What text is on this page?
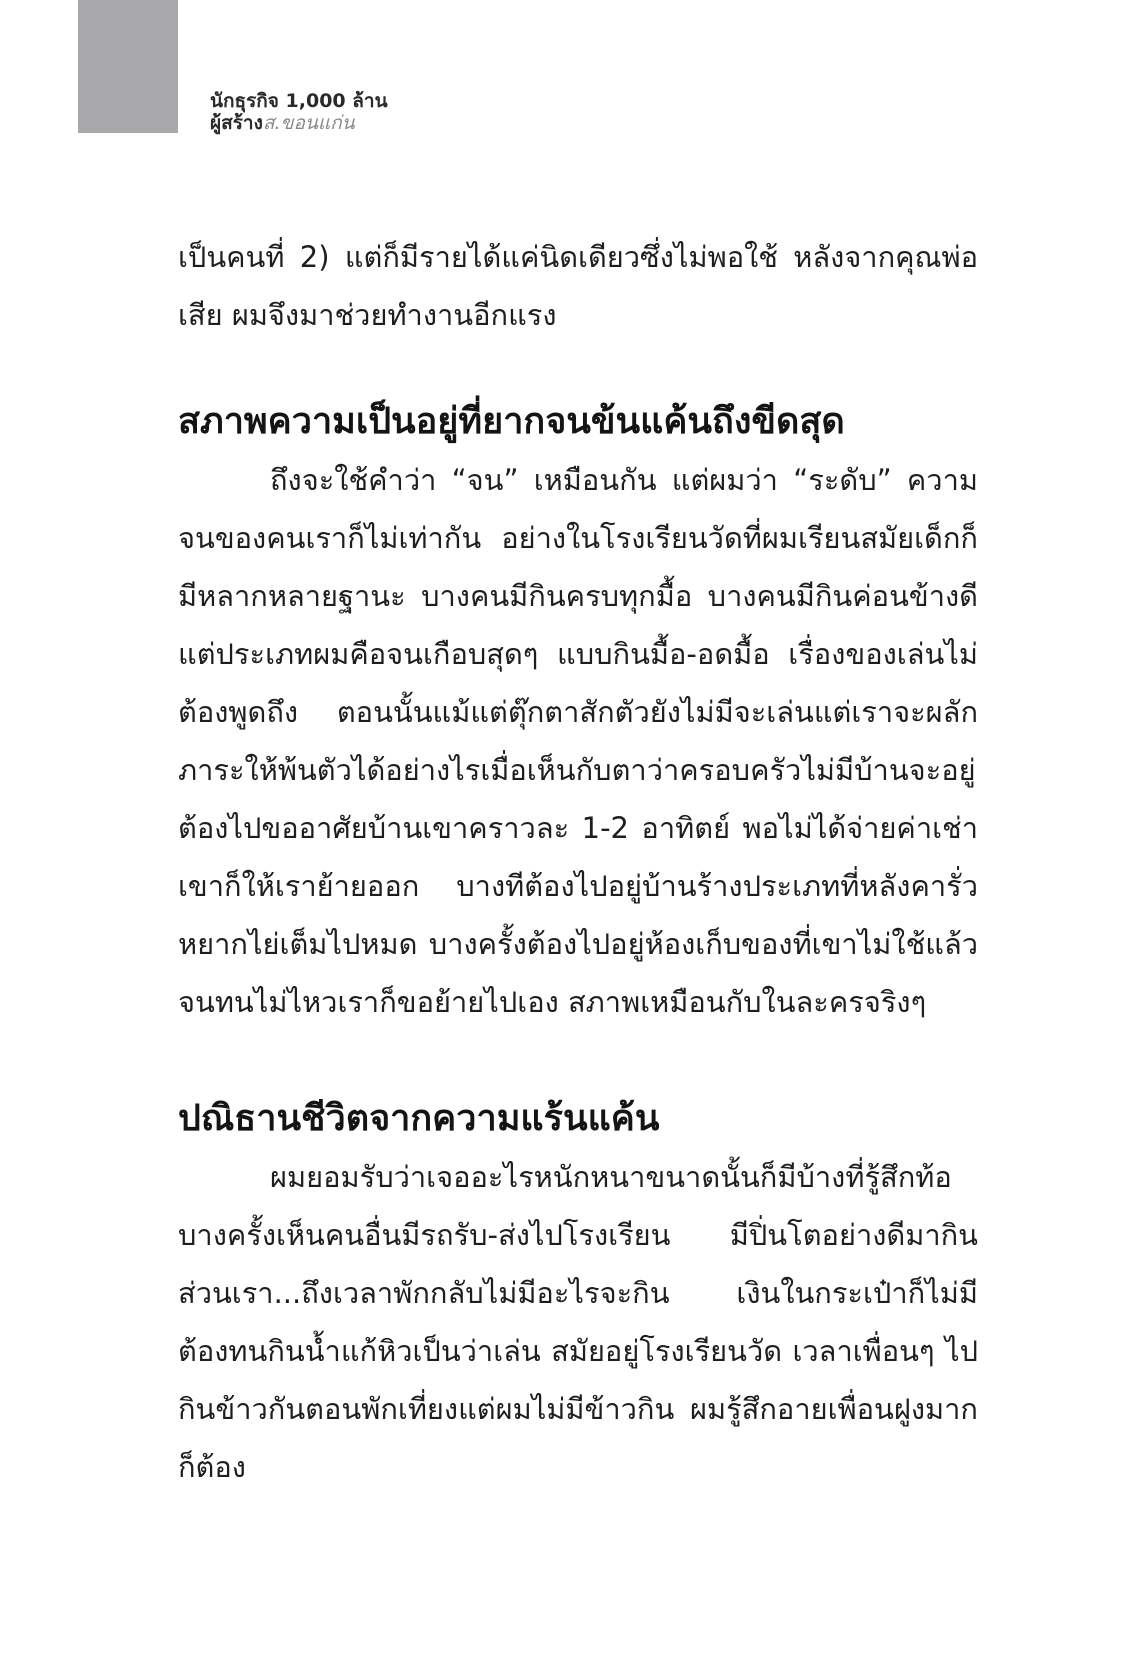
12
นักธุรกิจ 1,000 ล้าน
ผู้สร้างส.ขอนแก่น

เป็นคนที่ 2) แต่ก็มีรายได้แค่นิดเดียวซึ่งไม่พอใช้ หลังจากคุณพ่อเสีย ผมจึงมาช่วยทำงานอีกแรง

สภาพความเป็นอยู่ที่ยากจนข้นแค้นถึงขีดสุด

ถึงจะใช้คำว่า “จน” เหมือนกัน แต่ผมว่า “ระดับ” ความจนของคนเราก็ไม่เท่ากัน อย่างในโรงเรียนวัดที่ผมเรียนสมัยเด็กก็มีหลากหลายฐานะ บางคนมีกินครบทุกมื้อ บางคนมีกินค่อนข้างดีแต่ประเภทผมคือจนเกือบสุดๆ แบบกินมื้อ-อดมื้อ เรื่องของเล่นไม่ต้องพูดถึง ตอนนั้นแม้แต่ตุ๊กตาสักตัวยังไม่มีจะเล่นแต่เราจะผลักภาระให้พ้นตัวได้อย่างไรเมื่อเห็นกับตาว่าครอบครัวไม่มีบ้านจะอยู่ ต้องไปขออาศัยบ้านเขาคราวละ 1-2 อาทิตย์ พอไม่ได้จ่ายค่าเช่าเขาก็ให้เราย้ายออก บางทีต้องไปอยู่บ้านร้างประเภทที่หลังคารั่ว หยากไย่เต็มไปหมด บางครั้งต้องไปอยู่ห้องเก็บของที่เขาไม่ใช้แล้วจนทนไม่ไหวเราก็ขอย้ายไปเอง สภาพเหมือนกับในละครจริงๆ

ปณิธานชีวิตจากความแร้นแค้น

ผมยอมรับว่าเจออะไรหนักหนาขนาดนั้นก็มีบ้างที่รู้สึกท้อ บางครั้งเห็นคนอื่นมีรถรับ-ส่งไปโรงเรียน มีปิ่นโตอย่างดีมากิน ส่วนเรา...ถึงเวลาพักกลับไม่มีอะไรจะกิน เงินในกระเป๋าก็ไม่มี ต้องทนกินน้ำแก้หิวเป็นว่าเล่น สมัยอยู่โรงเรียนวัด เวลาเพื่อนๆ ไปกินข้าวกันตอนพักเที่ยงแต่ผมไม่มีข้าวกิน ผมรู้สึกอายเพื่อนฝูงมากก็ต้อง
